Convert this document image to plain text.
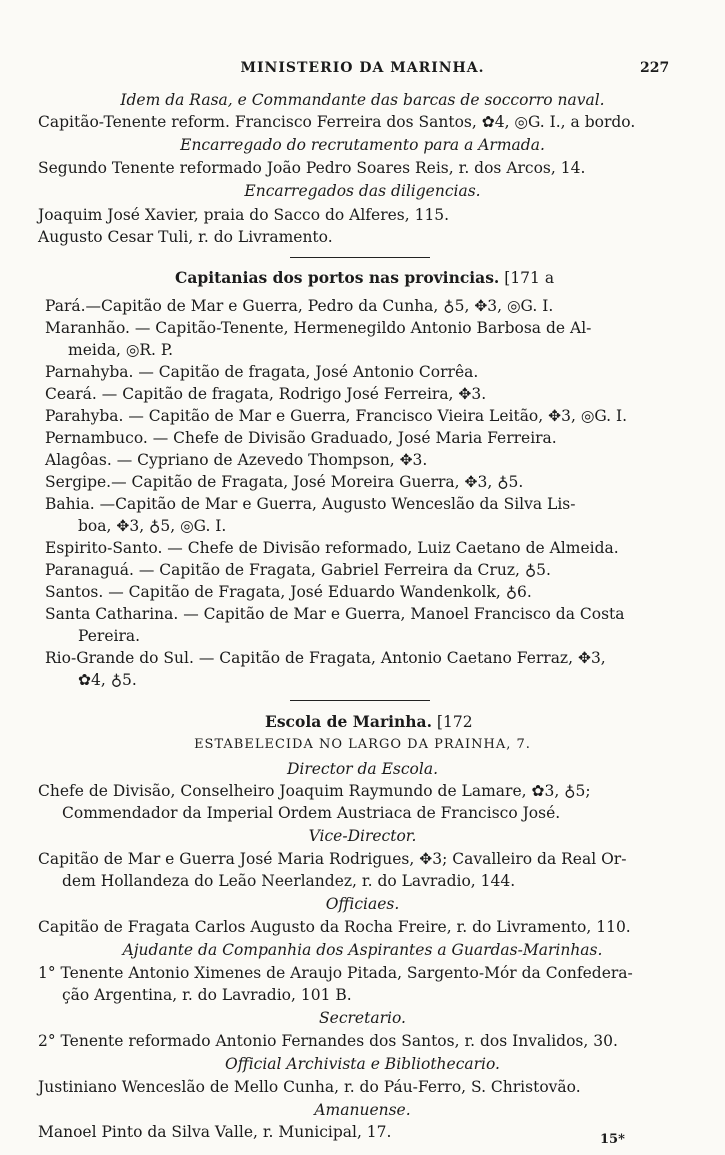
MINISTERIO DA MARINHA.	227
Idem da Rasa, e Commandante das barcas de soccorro naval.
Capitão-Tenente reform. Francisco Ferreira dos Santos, ✿4, ◎G. I., a bordo.
Encarregado do recrutamento para a Armada.
Segundo Tenente reformado João Pedro Soares Reis, r. dos Arcos, 14.
Encarregados das diligencias.
Joaquim José Xavier, praia do Sacco do Alferes, 115.
Augusto Cesar Tuli, r. do Livramento.
Capitanias dos portos nas provincias. [171 a
Pará.—Capitão de Mar e Guerra, Pedro da Cunha, ♁5, ✥3, ◎G. I.
Maranhão. — Capitão-Tenente, Hermenegildo Antonio Barbosa de Al-
meida, ◎R. P.
Parnahyba. — Capitão de fragata, José Antonio Corrêa.
Ceará. — Capitão de fragata, Rodrigo José Ferreira, ✥3.
Parahyba. — Capitão de Mar e Guerra, Francisco Vieira Leitão, ✥3, ◎G. I.
Pernambuco. — Chefe de Divisão Graduado, José Maria Ferreira.
Alagôas. — Cypriano de Azevedo Thompson, ✥3.
Sergipe.— Capitão de Fragata, José Moreira Guerra, ✥3, ♁5.
Bahia. —Capitão de Mar e Guerra, Augusto Wenceslão da Silva Lis-
boa, ✥3, ♁5, ◎G. I.
Espirito-Santo. — Chefe de Divisão reformado, Luiz Caetano de Almeida.
Paranaguá. — Capitão de Fragata, Gabriel Ferreira da Cruz, ♁5.
Santos. — Capitão de Fragata, José Eduardo Wandenkolk, ♁6.
Santa Catharina. — Capitão de Mar e Guerra, Manoel Francisco da Costa
Pereira.
Rio-Grande do Sul. — Capitão de Fragata, Antonio Caetano Ferraz, ✥3,
✿4, ♁5.
Escola de Marinha. [172
ESTABELECIDA NO LARGO DA PRAINHA, 7.
Director da Escola.
Chefe de Divisão, Conselheiro Joaquim Raymundo de Lamare, ✿3, ♁5;
Commendador da Imperial Ordem Austriaca de Francisco José.
Vice-Director.
Capitão de Mar e Guerra José Maria Rodrigues, ✥3; Cavalleiro da Real Or-
dem Hollandeza do Leão Neerlandez, r. do Lavradio, 144.
Officiaes.
Capitão de Fragata Carlos Augusto da Rocha Freire, r. do Livramento, 110.
Ajudante da Companhia dos Aspirantes a Guardas-Marinhas.
1° Tenente Antonio Ximenes de Araujo Pitada, Sargento-Mór da Confedera-
ção Argentina, r. do Lavradio, 101 B.
Secretario.
2° Tenente reformado Antonio Fernandes dos Santos, r. dos Invalidos, 30.
Official Archivista e Bibliothecario.
Justiniano Wenceslão de Mello Cunha, r. do Páu-Ferro, S. Christovão.
Amanuense.
Manoel Pinto da Silva Valle, r. Municipal, 17.	15*
